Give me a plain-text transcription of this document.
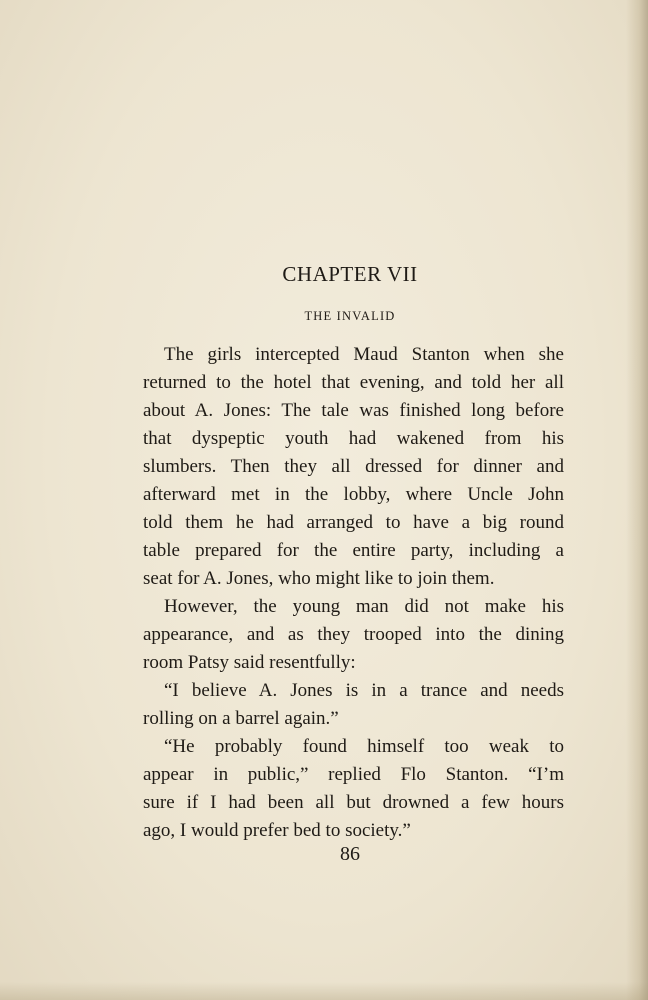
CHAPTER VII
THE INVALID
The girls intercepted Maud Stanton when she
returned to the hotel that evening, and told her all
about A. Jones: The tale was finished long before
that dyspeptic youth had wakened from his
slumbers. Then they all dressed for dinner and
afterward met in the lobby, where Uncle John
told them he had arranged to have a big round
table prepared for the entire party, including a
seat for A. Jones, who might like to join them.
However, the young man did not make his
appearance, and as they trooped into the dining
room Patsy said resentfully:
“I believe A. Jones is in a trance and needs
rolling on a barrel again.”
“He probably found himself too weak to
appear in public,” replied Flo Stanton. “I’m
sure if I had been all but drowned a few hours
ago, I would prefer bed to society.”
86
